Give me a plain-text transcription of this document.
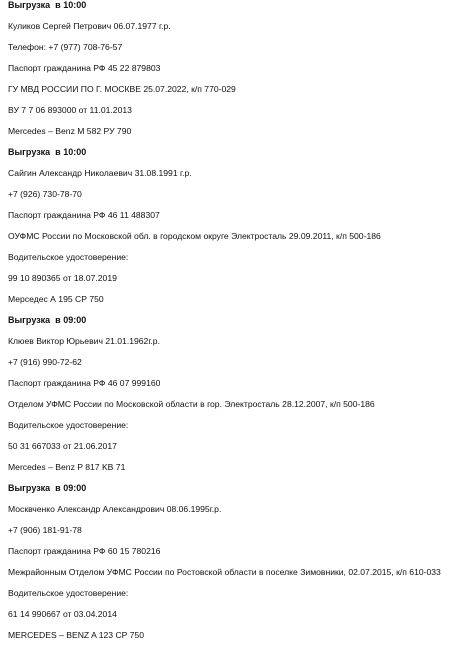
Выгрузка  в 10:00

Куликов Сергей Петрович 06.07.1977 г.р.

Телефон: +7 (977) 708-76-57

Паспорт гражданина РФ 45 22 879803

ГУ МВД РОССИИ ПО Г. МОСКВЕ 25.07.2022, к/п 770-029

ВУ 7 7 06 893000 от 11.01.2013

Mercedes – Benz M 582 РУ 790

Выгрузка  в 10:00

Сайгин Александр Николаевич 31.08.1991 г.р.

+7 (926) 730-78-70

Паспорт гражданина РФ 46 11 488307

ОУФМС России по Московской обл. в городском округе Электросталь 29.09.2011, к/п 500-186

Водительское удостоверение:

99 10 890365 от 18.07.2019

Мерседес А 195 СР 750

Выгрузка  в 09:00

Клюев Виктор Юрьевич 21.01.1962г.р.

+7 (916) 990-72-62

Паспорт гражданина РФ 46 07 999160

Отделом УФМС России по Московской области в гор. Электросталь 28.12.2007, к/п 500-186

Водительское удостоверение:

50 31 667033 от 21.06.2017

Mercedes – Benz P 817 KB 71

Выгрузка  в 09:00

Москвченко Александр Александрович 08.06.1995г.р.

+7 (906) 181-91-78

Паспорт гражданина РФ 60 15 780216

Межрайонным Отделом УФМС России по Ростовской области в поселке Зимовники, 02.07.2015, к/п 610-033

Водительское удостоверение:

61 14 990667 от 03.04.2014

MERCEDES – BENZ A 123 CP 750
